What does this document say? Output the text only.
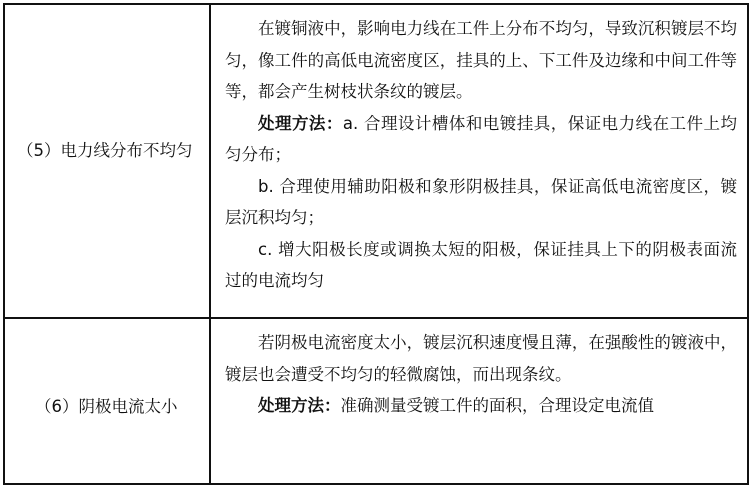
（5）电力线分布不均匀

在镀铜液中，影响电力线在工件上分布不均匀，导致沉积镀层不均匀，像工件的高低电流密度区，挂具的上、下工件及边缘和中间工件等等，都会产生树枝状条纹的镀层。

处理方法：a. 合理设计槽体和电镀挂具，保证电力线在工件上均匀分布；

b. 合理使用辅助阳极和象形阴极挂具，保证高低电流密度区，镀层沉积均匀；

c. 增大阳极长度或调换太短的阳极，保证挂具上下的阴极表面流过的电流均匀

（6）阴极电流太小

若阴极电流密度太小，镀层沉积速度慢且薄，在强酸性的镀液中，镀层也会遭受不均匀的轻微腐蚀，而出现条纹。

处理方法：准确测量受镀工件的面积，合理设定电流值
